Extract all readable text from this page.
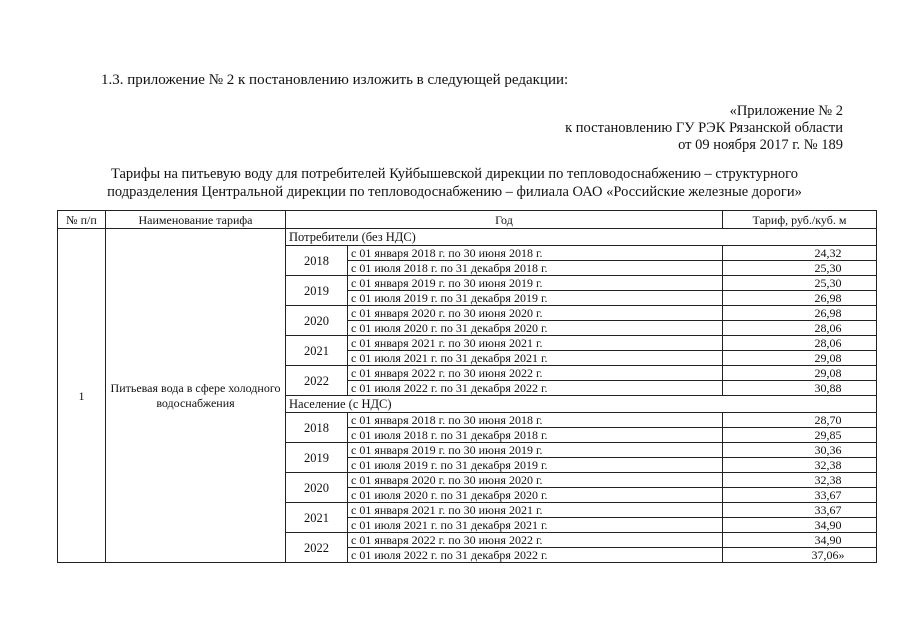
1.3. приложение № 2 к постановлению изложить в следующей редакции:
«Приложение № 2
к постановлению ГУ РЭК Рязанской области
от 09 ноября 2017 г. № 189
Тарифы на питьевую воду для потребителей Куйбышевской дирекции по тепловодоснабжению – структурного
подразделения Центральной дирекции по тепловодоснабжению – филиала ОАО «Российские железные дороги»
№ п/п	Наименование тарифа	Год		Тариф, руб./куб. м
1	Питьевая вода в сфере холодного водоснабжения	Потребители (без НДС)		
		2018	с 01 января 2018 г. по 30 июня 2018 г.	24,32
			с 01 июля 2018 г. по 31 декабря 2018 г.	25,30
		2019	с 01 января 2019 г. по 30 июня 2019 г.	25,30
			с 01 июля 2019 г. по 31 декабря 2019 г.	26,98
		2020	с 01 января 2020 г. по 30 июня 2020 г.	26,98
			с 01 июля 2020 г. по 31 декабря 2020 г.	28,06
		2021	с 01 января 2021 г. по 30 июня 2021 г.	28,06
			с 01 июля 2021 г. по 31 декабря 2021 г.	29,08
		2022	с 01 января 2022 г. по 30 июня 2022 г.	29,08
			с 01 июля 2022 г. по 31 декабря 2022 г.	30,88
		Население (с НДС)		
		2018	с 01 января 2018 г. по 30 июня 2018 г.	28,70
			с 01 июля 2018 г. по 31 декабря 2018 г.	29,85
		2019	с 01 января 2019 г. по 30 июня 2019 г.	30,36
			с 01 июля 2019 г. по 31 декабря 2019 г.	32,38
		2020	с 01 января 2020 г. по 30 июня 2020 г.	32,38
			с 01 июля 2020 г. по 31 декабря 2020 г.	33,67
		2021	с 01 января 2021 г. по 30 июня 2021 г.	33,67
			с 01 июля 2021 г. по 31 декабря 2021 г.	34,90
		2022	с 01 января 2022 г. по 30 июня 2022 г.	34,90
			с 01 июля 2022 г. по 31 декабря 2022 г.	37,06»
